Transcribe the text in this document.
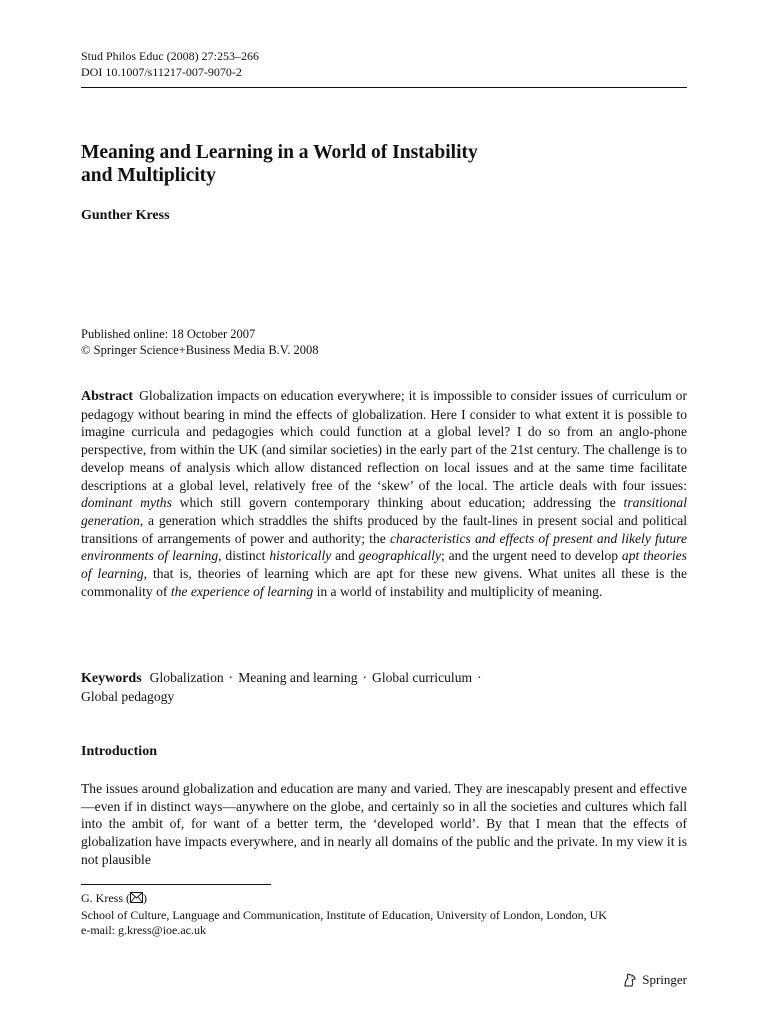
Stud Philos Educ (2008) 27:253–266
DOI 10.1007/s11217-007-9070-2
Meaning and Learning in a World of Instability
and Multiplicity
Gunther Kress
Published online: 18 October 2007
© Springer Science+Business Media B.V. 2008

Abstract Globalization impacts on education everywhere; it is impossible to consider issues of curriculum or pedagogy without bearing in mind the effects of globalization. Here I consider to what extent it is possible to imagine curricula and pedagogies which could function at a global level? I do so from an anglo-phone perspective, from within the UK (and similar societies) in the early part of the 21st century. The challenge is to develop means of analysis which allow distanced reflection on local issues and at the same time facilitate descriptions at a global level, relatively free of the ‘skew’ of the local. The article deals with four issues: dominant myths which still govern contemporary thinking about education; addressing the transitional generation, a generation which straddles the shifts produced by the fault-lines in present social and political transitions of arrangements of power and authority; the characteristics and effects of present and likely future environments of learning, distinct historically and geographically; and the urgent need to develop apt theories of learning, that is, theories of learning which are apt for these new givens. What unites all these is the commonality of the experience of learning in a world of instability and multiplicity of meaning.

Keywords Globalization · Meaning and learning · Global curriculum ·
Global pedagogy

Introduction

The issues around globalization and education are many and varied. They are inescapably present and effective—even if in distinct ways—anywhere on the globe, and certainly so in all the societies and cultures which fall into the ambit of, for want of a better term, the ‘developed world’. By that I mean that the effects of globalization have impacts everywhere, and in nearly all domains of the public and the private. In my view it is not plausible

G. Kress ( )
School of Culture, Language and Communication, Institute of Education, University of London, London, UK
e-mail: g.kress@ioe.ac.uk
Springer
